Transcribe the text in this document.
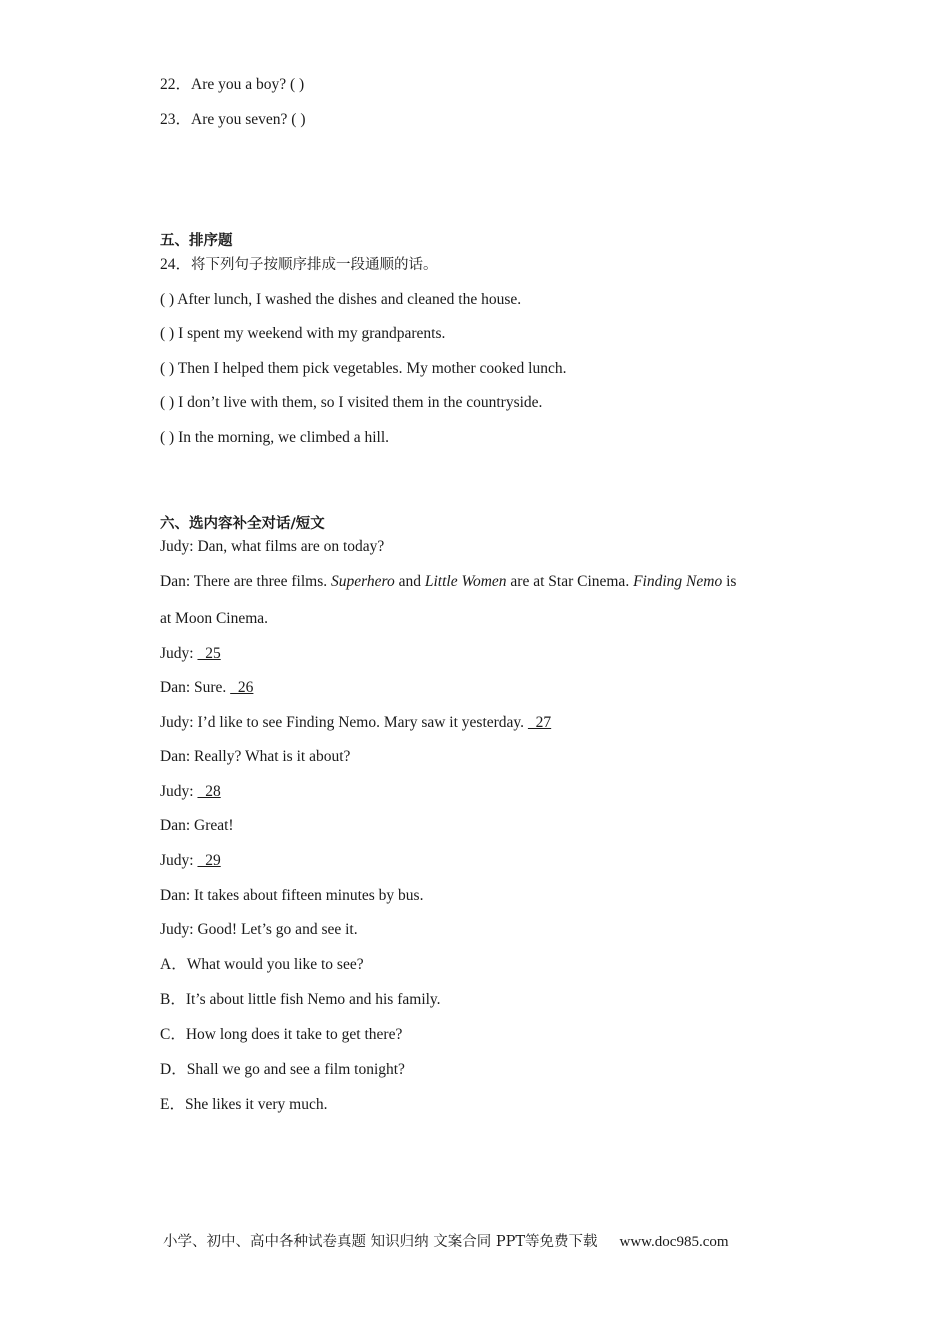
22．Are you a boy? ( )
23．Are you seven? ( )
五、排序题
24．将下列句子按顺序排成一段通顺的话。
( ) After lunch, I washed the dishes and cleaned the house.
( ) I spent my weekend with my grandparents.
( ) Then I helped them pick vegetables. My mother cooked lunch.
( ) I don’t live with them, so I visited them in the countryside.
( ) In the morning, we climbed a hill.
六、选内容补全对话/短文
Judy: Dan, what films are on today?
Dan: There are three films. Superhero and Little Women are at Star Cinema. Finding Nemo is
at Moon Cinema.
Judy:   25
Dan: Sure.   26
Judy: I’d like to see Finding Nemo. Mary saw it yesterday.   27
Dan: Really? What is it about?
Judy:   28
Dan: Great!
Judy:   29
Dan: It takes about fifteen minutes by bus.
Judy: Good! Let’s go and see it.
A．What would you like to see?
B．It’s about little fish Nemo and his family.
C．How long does it take to get there?
D．Shall we go and see a film tonight?
E．She likes it very much.
小学、初中、高中各种试卷真题 知识归纳 文案合同 PPT等免费下载 www.doc985.com
